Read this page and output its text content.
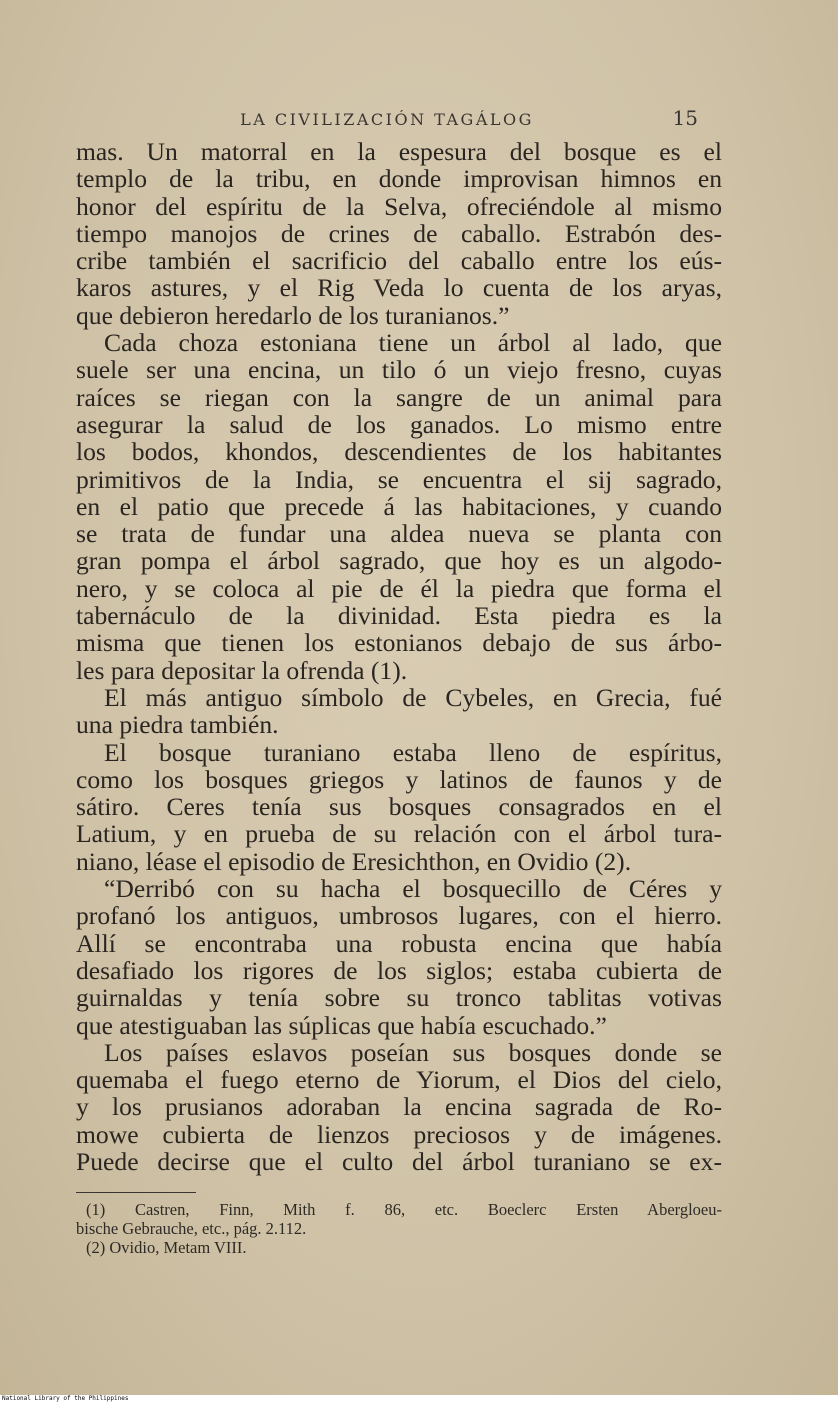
LA CIVILIZACIÓN TAGÁLOG	15
mas. Un matorral en la espesura del bosque es el
templo de la tribu, en donde improvisan himnos en
honor del espíritu de la Selva, ofreciéndole al mismo
tiempo manojos de crines de caballo. Estrabón des-
cribe también el sacrificio del caballo entre los eús-
karos astures, y el Rig Veda lo cuenta de los aryas,
que debieron heredarlo de los turanianos.”
Cada choza estoniana tiene un árbol al lado, que
suele ser una encina, un tilo ó un viejo fresno, cuyas
raíces se riegan con la sangre de un animal para
asegurar la salud de los ganados. Lo mismo entre
los bodos, khondos, descendientes de los habitantes
primitivos de la India, se encuentra el sij sagrado,
en el patio que precede á las habitaciones, y cuando
se trata de fundar una aldea nueva se planta con
gran pompa el árbol sagrado, que hoy es un algodo-
nero, y se coloca al pie de él la piedra que forma el
tabernáculo de la divinidad. Esta piedra es la
misma que tienen los estonianos debajo de sus árbo-
les para depositar la ofrenda (1).
El más antiguo símbolo de Cybeles, en Grecia, fué
una piedra también.
El bosque turaniano estaba lleno de espíritus,
como los bosques griegos y latinos de faunos y de
sátiro. Ceres tenía sus bosques consagrados en el
Latium, y en prueba de su relación con el árbol tura-
niano, léase el episodio de Eresichthon, en Ovidio (2).
“Derribó con su hacha el bosquecillo de Céres y
profanó los antiguos, umbrosos lugares, con el hierro.
Allí se encontraba una robusta encina que había
desafiado los rigores de los siglos; estaba cubierta de
guirnaldas y tenía sobre su tronco tablitas votivas
que atestiguaban las súplicas que había escuchado.”
Los países eslavos poseían sus bosques donde se
quemaba el fuego eterno de Yiorum, el Dios del cielo,
y los prusianos adoraban la encina sagrada de Ro-
mowe cubierta de lienzos preciosos y de imágenes.
Puede decirse que el culto del árbol turaniano se ex-
(1) Castren, Finn, Mith f. 86, etc. Boeclerc Ersten Abergloeu-
bische Gebrauche, etc., pág. 2.112.
(2) Ovidio, Metam VIII.
National Library of the Philippines
